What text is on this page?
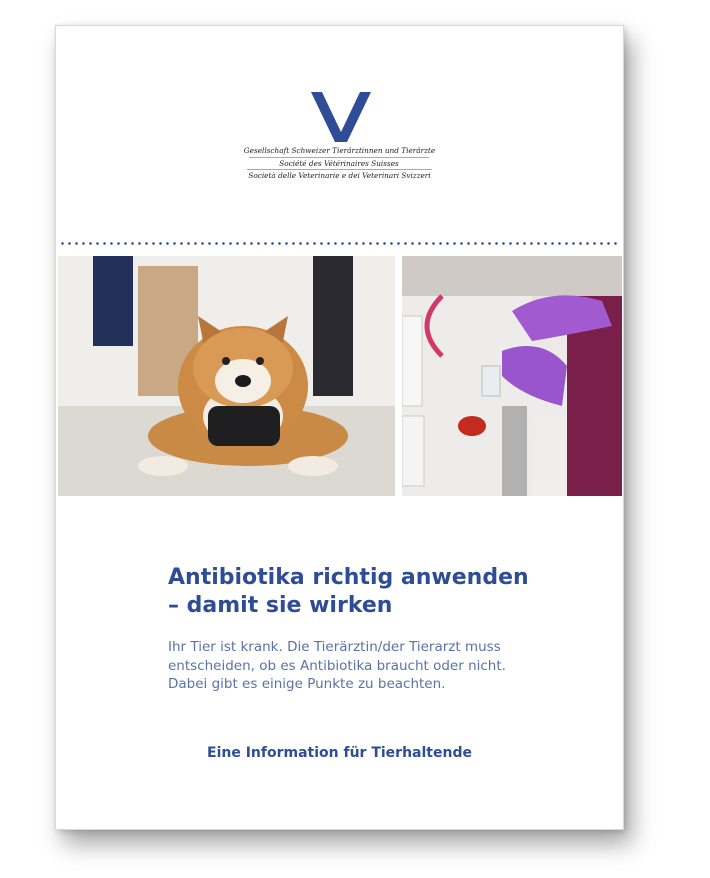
Gesellschaft Schweizer Tierärztinnen und Tierärzte
Société des Vétérinaires Suisses
Società delle Veterinarie e dei Veterinari Svizzeri
Antibiotika richtig anwenden
– damit sie wirken
Ihr Tier ist krank. Die Tierärztin/der Tierarzt muss
entscheiden, ob es Antibiotika braucht oder nicht.
Dabei gibt es einige Punkte zu beachten.
Eine Information für Tierhaltende
